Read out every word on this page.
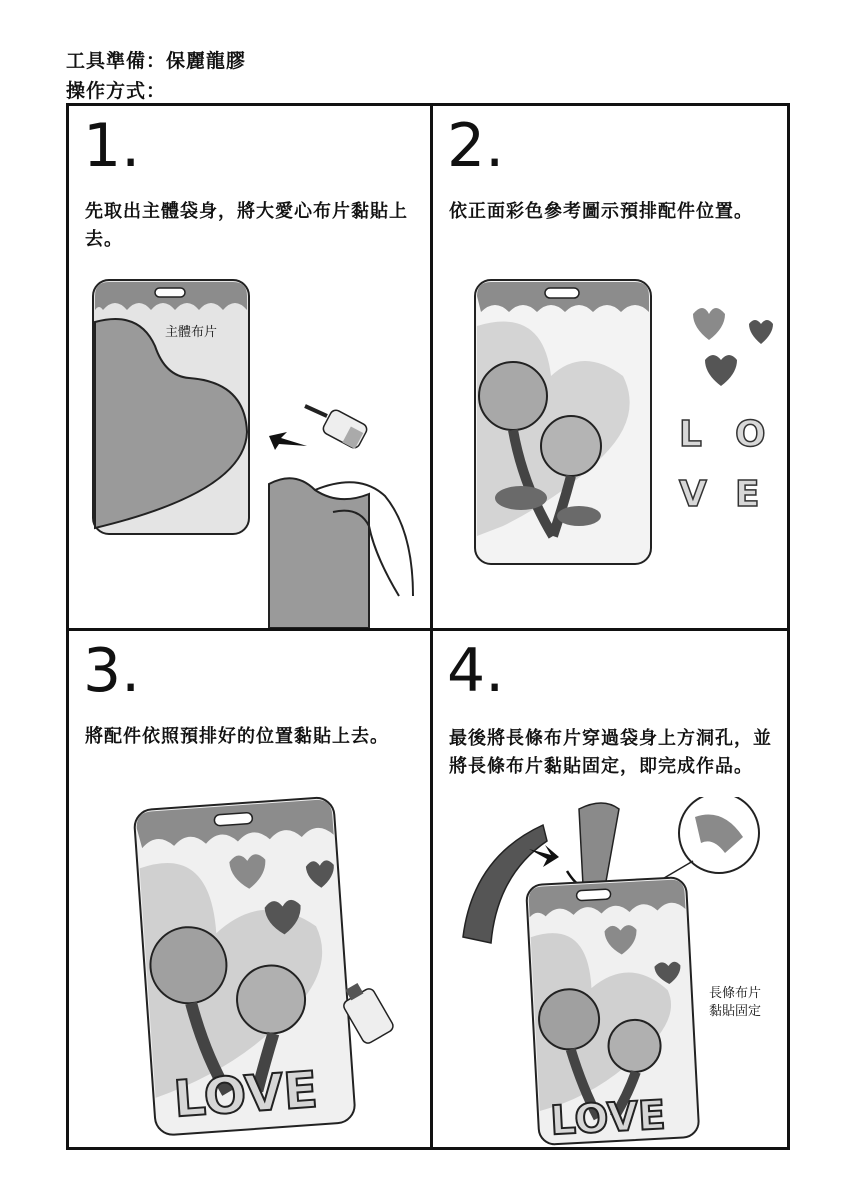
工具準備：保麗龍膠
操作方式：
1.
先取出主體袋身，將大愛心布片黏貼上去。
主體布片
2.
依正面彩色參考圖示預排配件位置。
L O
V E
3.
將配件依照預排好的位置黏貼上去。
LOVE
4.
最後將長條布片穿過袋身上方洞孔，並將長條布片黏貼固定，即完成作品。
長條布片
黏貼固定
LOVE
